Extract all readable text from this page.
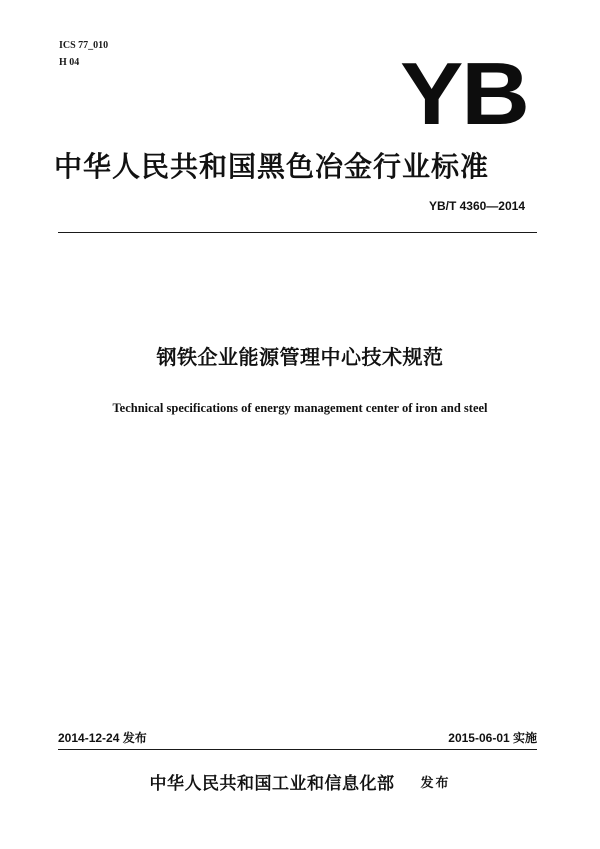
ICS 77_010
H 04	YB
中华人民共和国黑色冶金行业标准
YB/T 4360—2014
钢铁企业能源管理中心技术规范
Technical specifications of energy management center of iron and steel
2014-12-24 发布	2015-06-01 实施
中华人民共和国工业和信息化部 发布
